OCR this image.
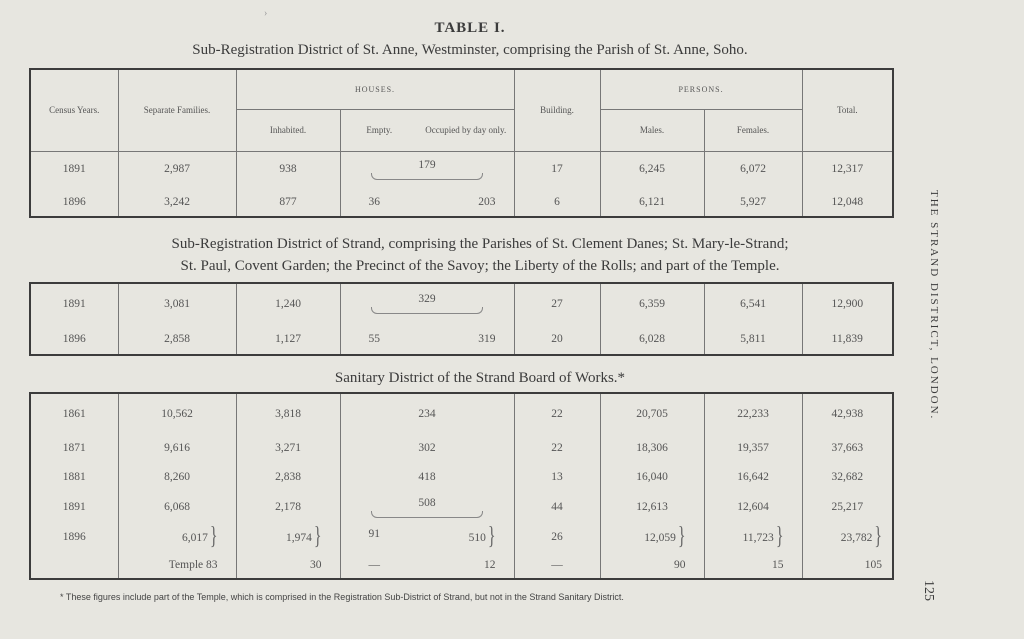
›
TABLE I.
Sub-Registration District of St. Anne, Westminster, comprising the Parish of St. Anne, Soho.
Census Years.	Separate Families.	HOUSES.			Building.	PERSONS.		Total.
		Inhabited.	Empty.	Occupied by day only.		Males.	Females.	
1891	2,987	938	179		17	6,245	6,072	12,317
1896	3,242	877	36 203		6	6,121	5,927	12,048
Sub-Registration District of Strand, comprising the Parishes of St. Clement Danes; St. Mary-le-Strand;
St. Paul, Covent Garden; the Precinct of the Savoy; the Liberty of the Rolls; and part of the Temple.
1891	3,081	1,240	329	27	6,359	6,541	12,900
1896	2,858	1,127	55 319	20	6,028	5,811	11,839
Sanitary District of the Strand Board of Works.*
1861	10,562	3,818	234	22	20,705	22,233	42,938
1871	9,616	3,271	302	22	18,306	19,357	37,663
1881	8,260	2,838	418	13	16,040	16,642	32,682
1891	6,068	2,178	508	44	12,613	12,604	25,217
1896	6,017 }	1,974 }	91 510 }	26	12,059 }	11,723 }	23,782 }
	Temple 83	30	— 12	—	90	15	105
THE STRAND DISTRICT, LONDON.
125
* These figures include part of the Temple, which is comprised in the Registration Sub-District of Strand, but not in the Strand Sanitary District.
